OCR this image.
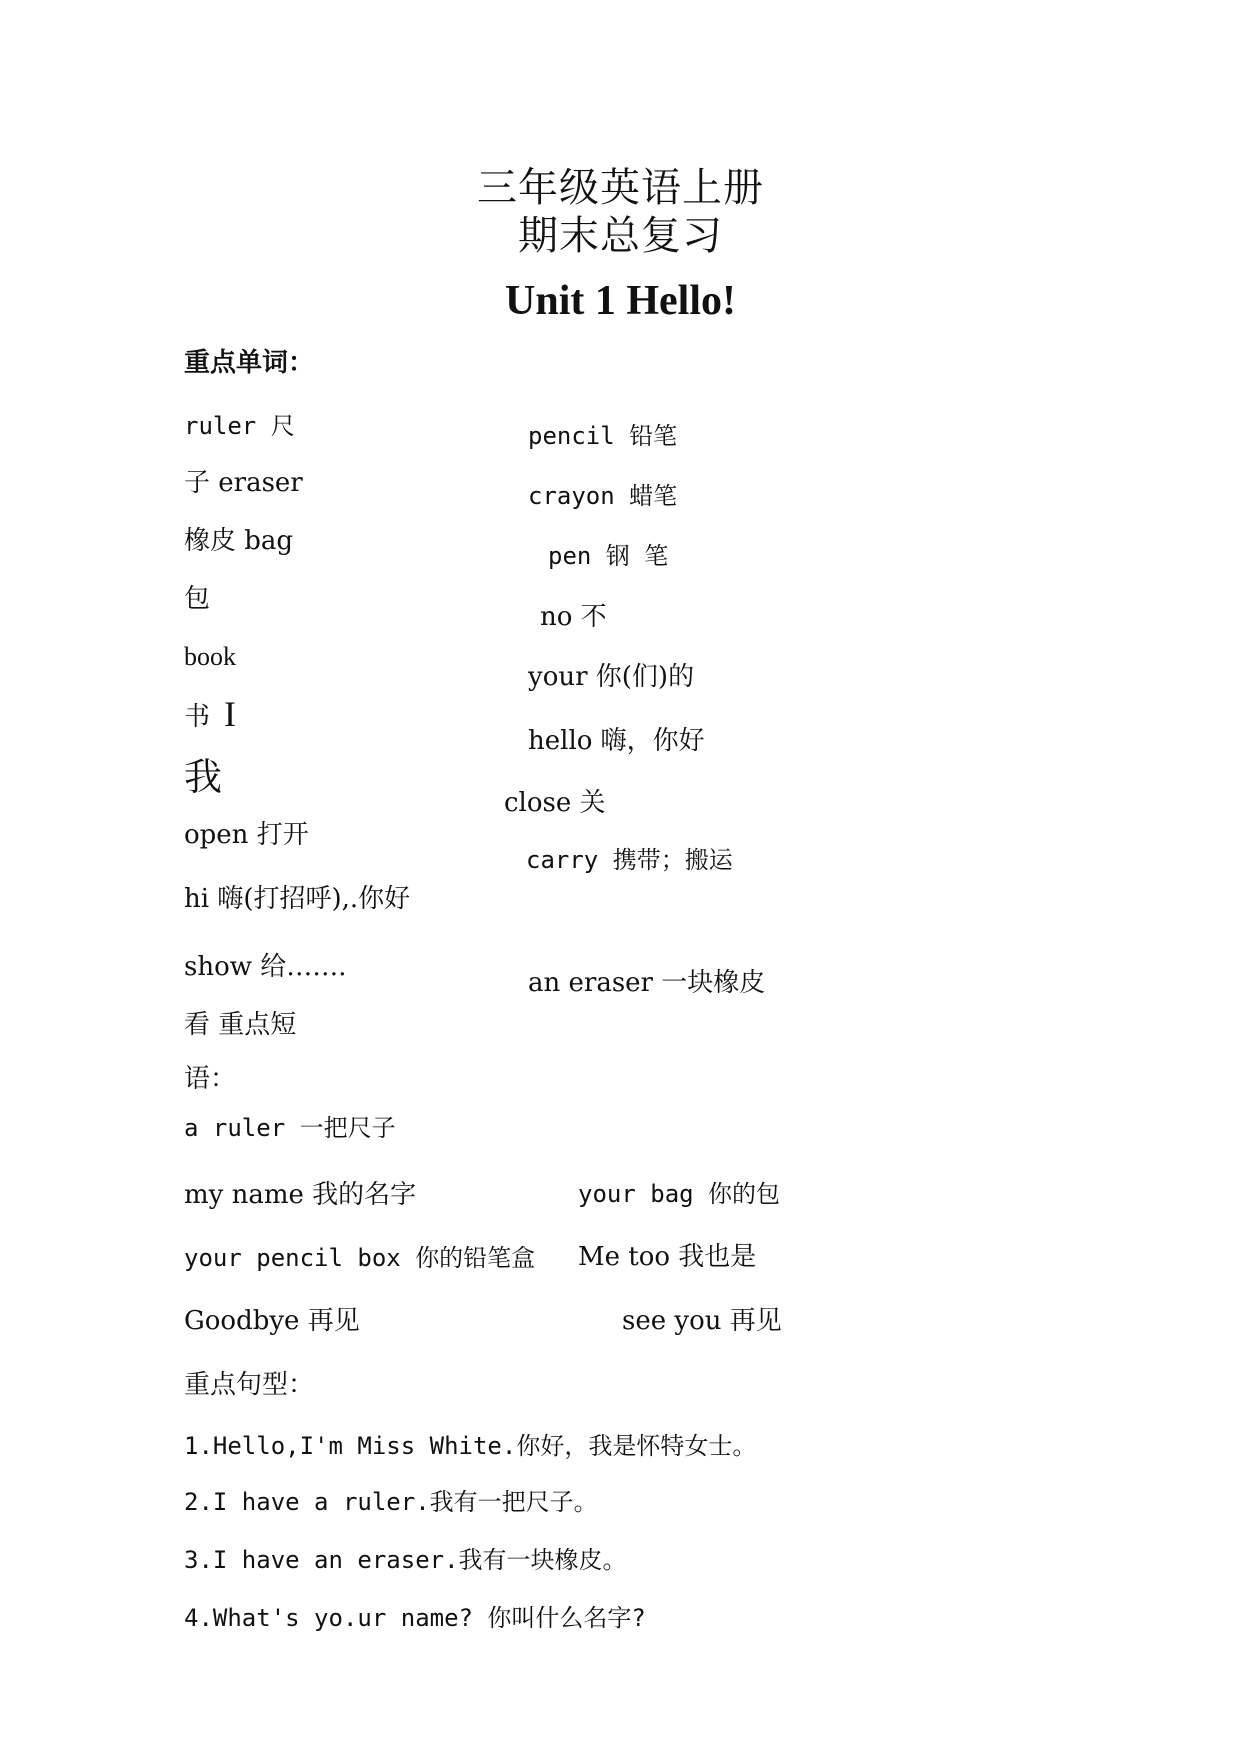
三年级英语上册
期末总复习
Unit 1 Hello!
重点单词：
ruler 尺
子 eraser
橡皮 bag
包
book
书 I
我
open 打开
hi 嗨(打招呼),.你好
show 给…….
看 重点短
语：
pencil 铅笔
crayon 蜡笔
pen 钢 笔
no 不
your 你(们)的
hello 嗨，你好
close 关
carry 携带；搬运
an eraser 一块橡皮
a ruler 一把尺子
my name 我的名字
your pencil box 你的铅笔盒
Goodbye 再见
your bag 你的包
Me too 我也是
see you 再见
重点句型：
1.Hello,I'm Miss White.你好，我是怀特女士。
2.I have a ruler.我有一把尺子。
3.I have an eraser.我有一块橡皮。
4.What's yo.ur name? 你叫什么名字?
